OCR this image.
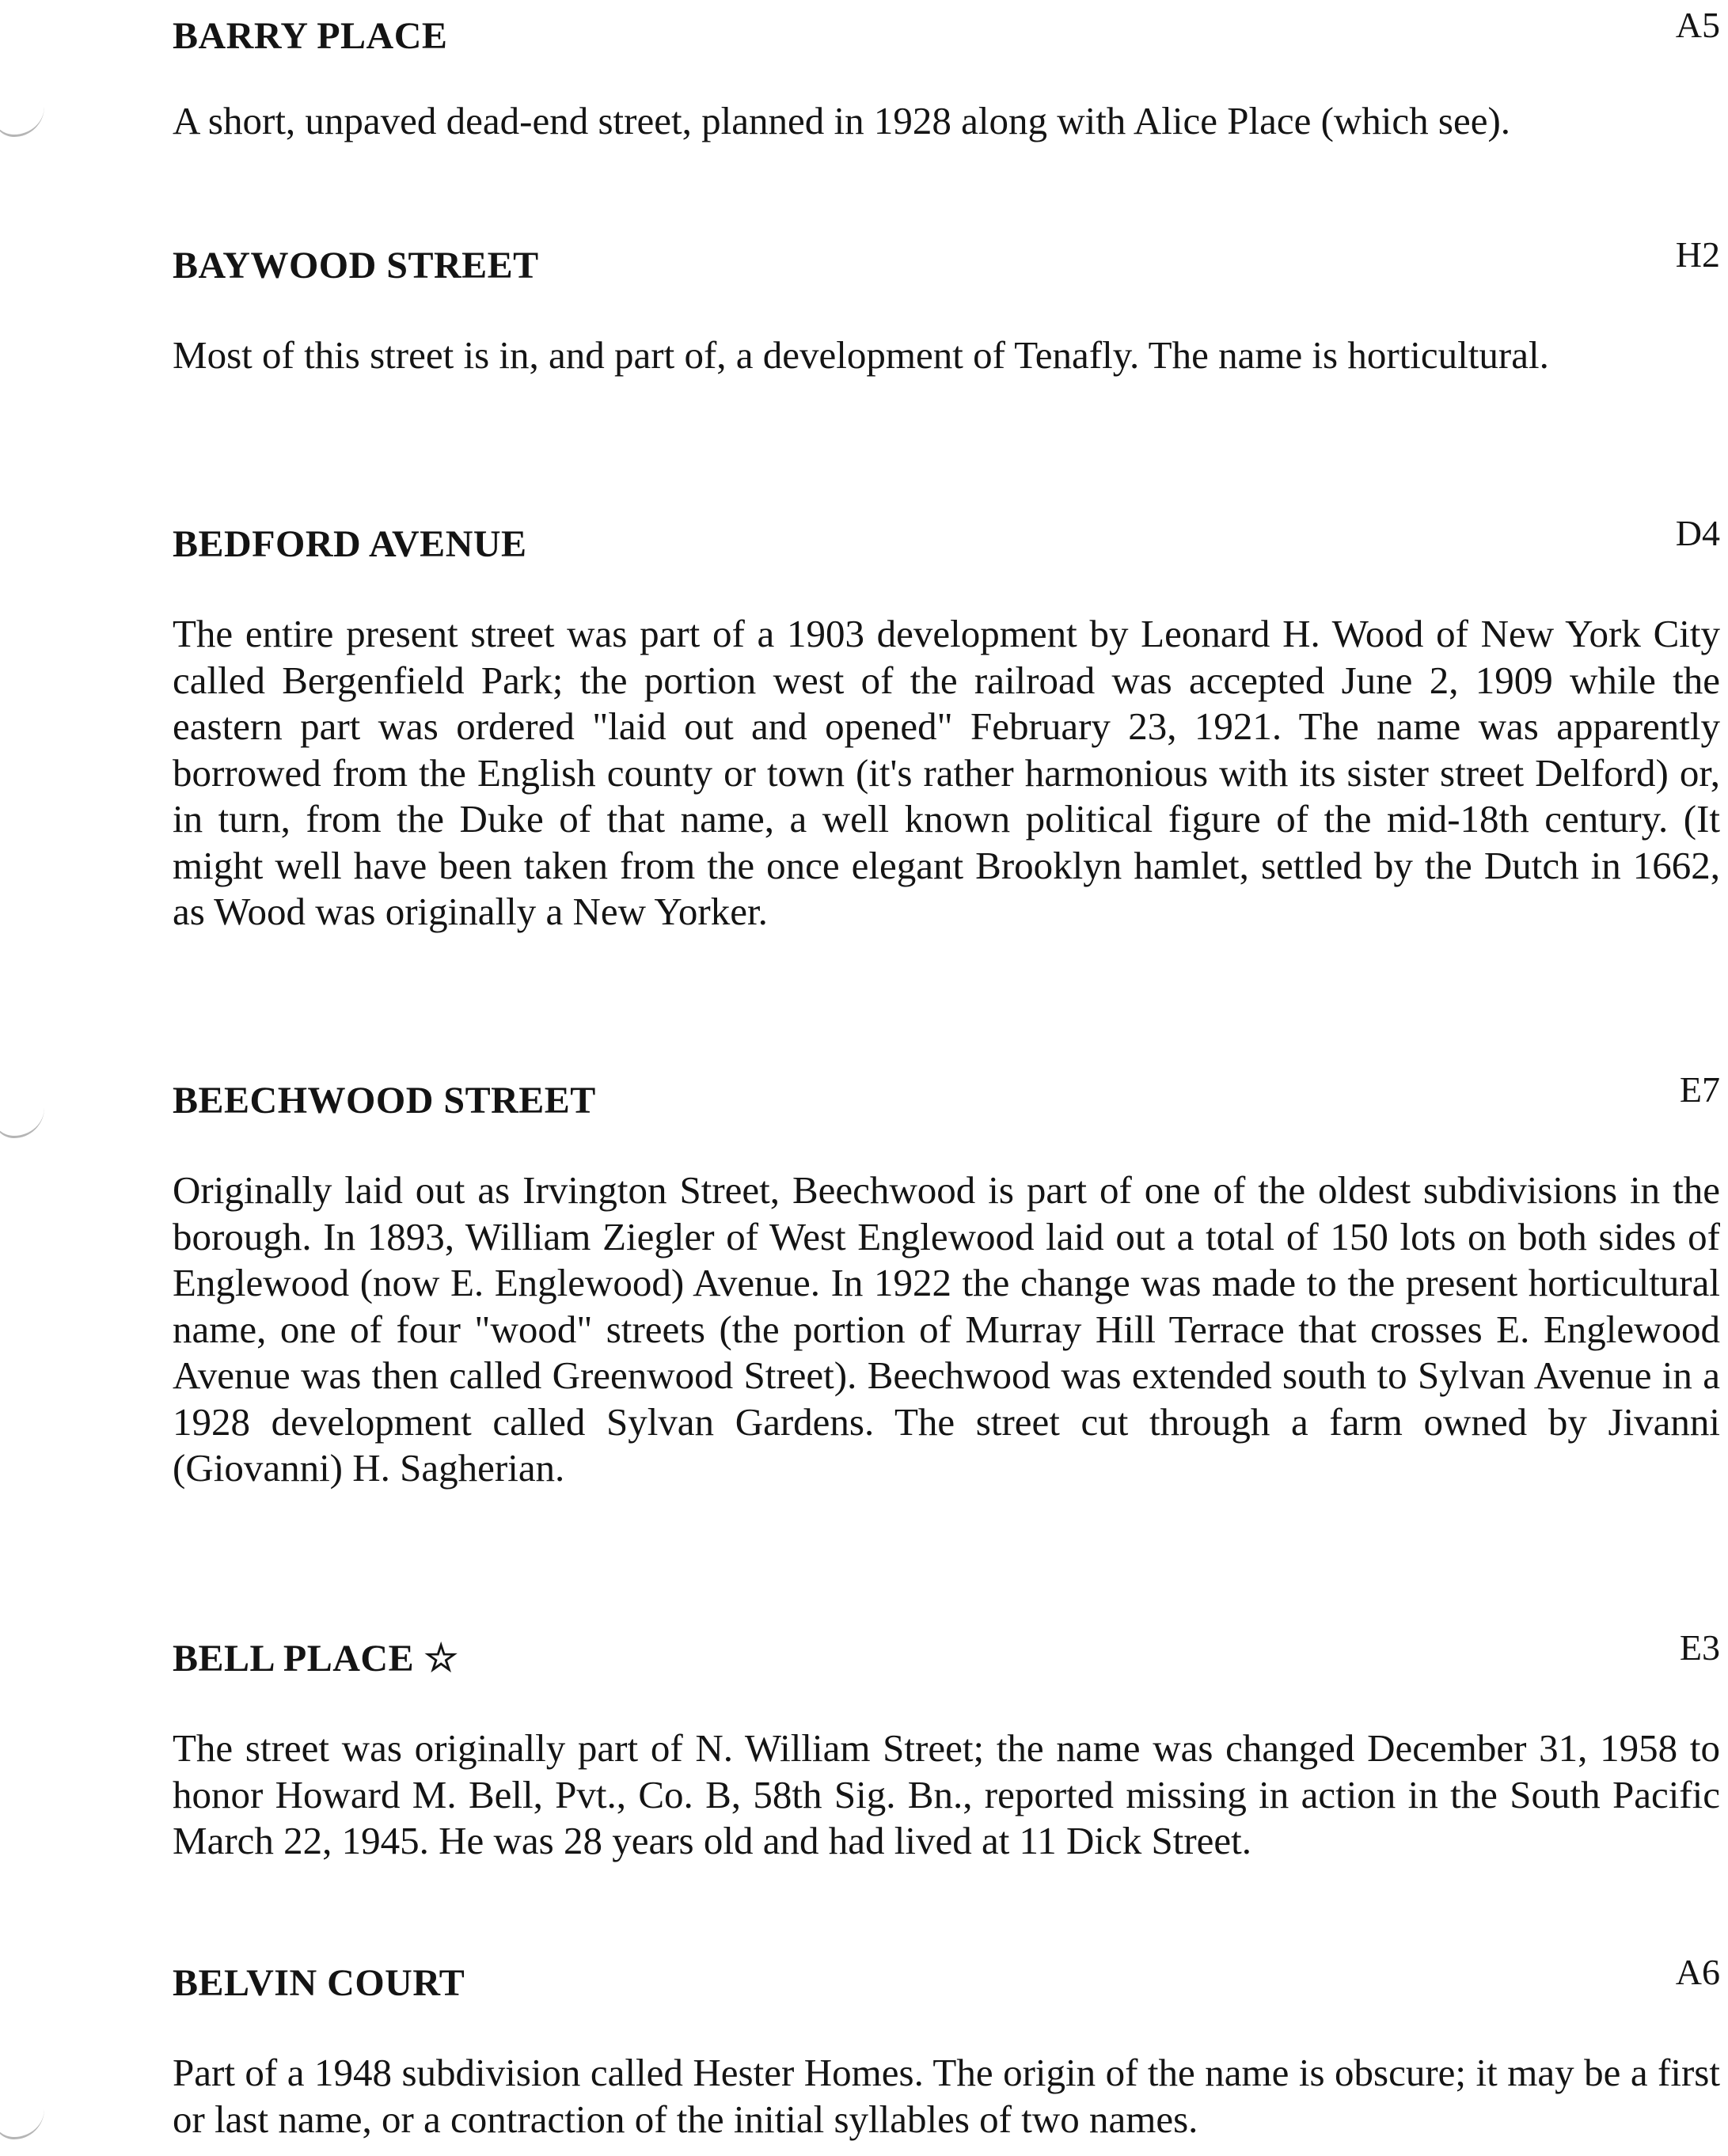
BARRY PLACE	A5
A short, unpaved dead-end street, planned in 1928 along with Alice Place (which see).
BAYWOOD STREET	H2
Most of this street is in, and part of, a development of Tenafly. The name is horticultural.
BEDFORD AVENUE	D4
The entire present street was part of a 1903 development by Leonard H. Wood of New York City called Bergenfield Park; the portion west of the railroad was accepted June 2, 1909 while the eastern part was ordered "laid out and opened" February 23, 1921. The name was apparently borrowed from the English county or town (it's rather harmonious with its sister street Delford) or, in turn, from the Duke of that name, a well known political figure of the mid-18th century. (It might well have been taken from the once elegant Brooklyn hamlet, settled by the Dutch in 1662, as Wood was originally a New Yorker.
BEECHWOOD STREET	E7
Originally laid out as Irvington Street, Beechwood is part of one of the oldest subdivisions in the borough. In 1893, William Ziegler of West Englewood laid out a total of 150 lots on both sides of Englewood (now E. Englewood) Avenue. In 1922 the change was made to the present horticultural name, one of four "wood" streets (the portion of Murray Hill Terrace that crosses E. Englewood Avenue was then called Greenwood Street). Beechwood was extended south to Sylvan Avenue in a 1928 development called Sylvan Gardens. The street cut through a farm owned by Jivanni (Giovanni) H. Sagherian.
BELL PLACE ☆	E3
The street was originally part of N. William Street; the name was changed December 31, 1958 to honor Howard M. Bell, Pvt., Co. B, 58th Sig. Bn., reported missing in action in the South Pacific March 22, 1945. He was 28 years old and had lived at 11 Dick Street.
BELVIN COURT	A6
Part of a 1948 subdivision called Hester Homes. The origin of the name is obscure; it may be a first or last name, or a contraction of the initial syllables of two names.
